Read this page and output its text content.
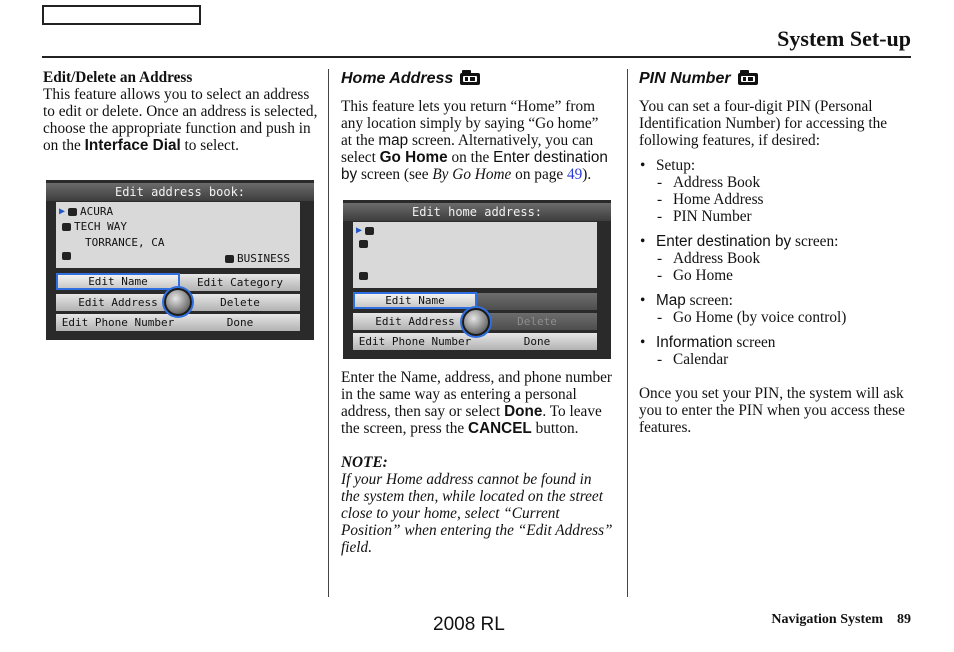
System Set-up
Edit/Delete an Address
This feature allows you to select an address to edit or delete. Once an address is selected, choose the appropriate function and push in on the Interface Dial to select.
Edit address book:
▶ ACURA
TECH WAY
TORRANCE, CA
BUSINESS
Edit Name	Edit Category
Edit Address	Delete
Edit Phone Number	Done
Home Address
This feature lets you return “Home” from any location simply by saying “Go home” at the map screen. Alternatively, you can select Go Home on the Enter destination by screen (see By Go Home on page 49).
Edit home address:
▶
Edit Name
Edit Address	Delete
Edit Phone Number	Done
Enter the Name, address, and phone number in the same way as entering a personal address, then say or select Done. To leave the screen, press the CANCEL button.
NOTE:
If your Home address cannot be found in the system then, while located on the street close to your home, select “Current Position” when entering the “Edit Address” field.
PIN Number
You can set a four-digit PIN (Personal Identification Number) for accessing the following features, if desired:
• Setup:
- Address Book
- Home Address
- PIN Number
• Enter destination by screen:
- Address Book
- Go Home
• Map screen:
- Go Home (by voice control)
• Information screen
- Calendar
Once you set your PIN, the system will ask you to enter the PIN when you access these features.
2008 RL	Navigation System 89
